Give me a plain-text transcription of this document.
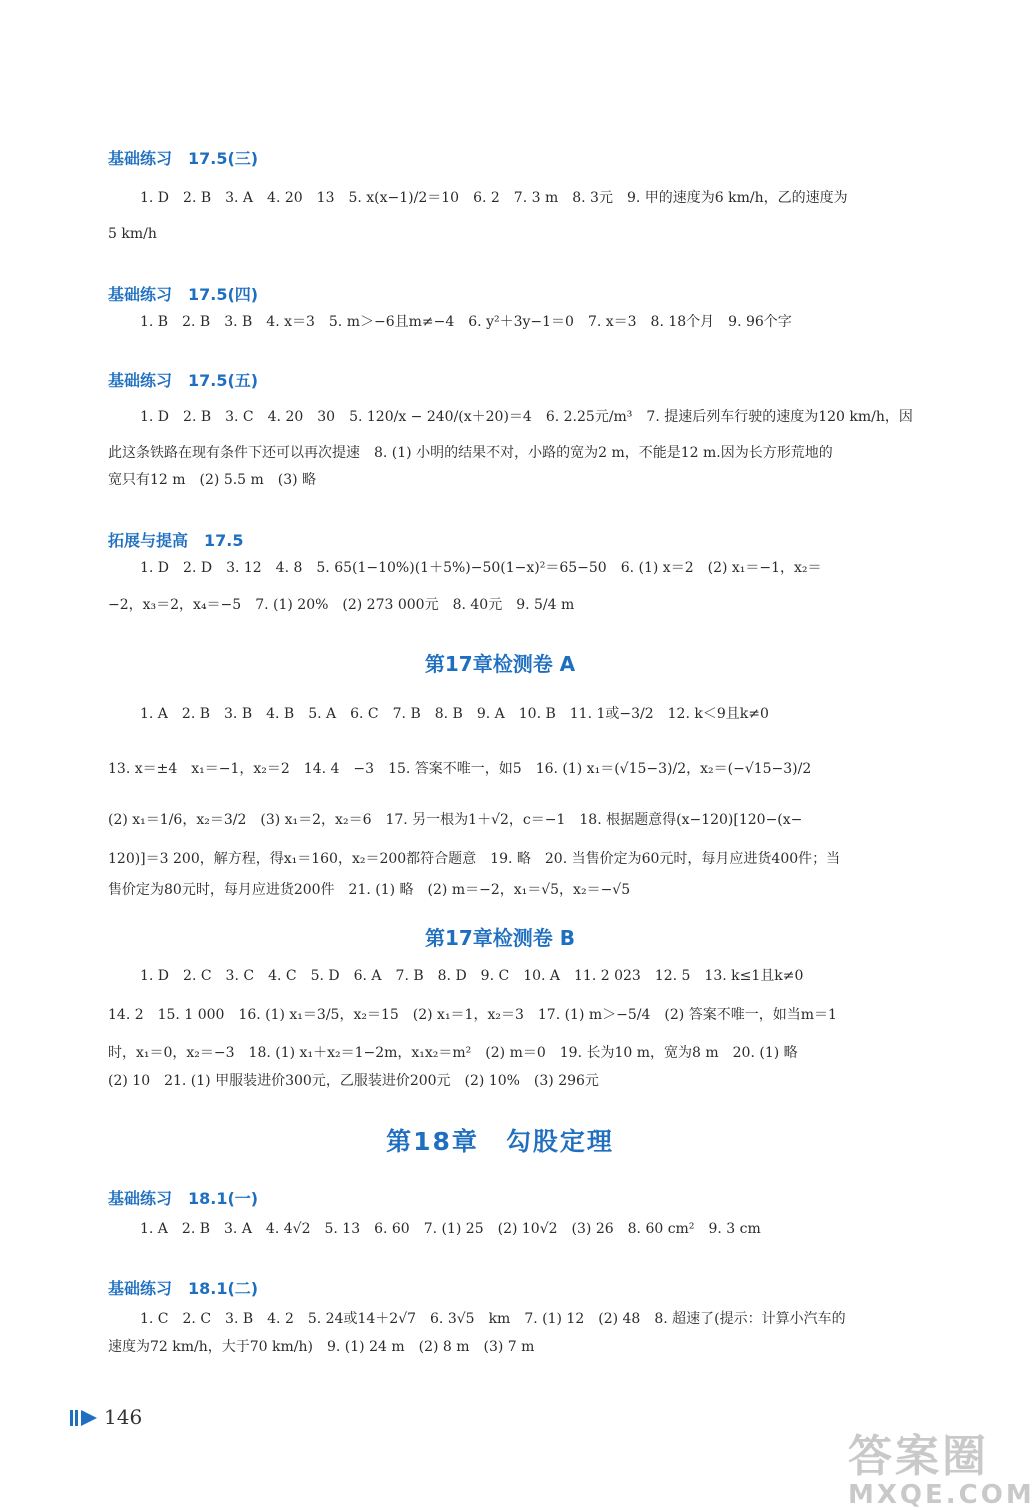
基础练习 17.5(三)
1. D　2. B　3. A　4. 20　13　5. x(x−1)/2＝10　6. 2　7. 3 m　8. 3元　9. 甲的速度为6 km/h，乙的速度为
5 km/h
基础练习 17.5(四)
1. B　2. B　3. B　4. x＝3　5. m＞−6且m≠−4　6. y²＋3y−1＝0　7. x＝3　8. 18个月　9. 96个字
基础练习 17.5(五)
1. D　2. B　3. C　4. 20　30　5. 120/x − 240/(x＋20)＝4　6. 2.25元/m³　7. 提速后列车行驶的速度为120 km/h，因
此这条铁路在现有条件下还可以再次提速　8. (1) 小明的结果不对，小路的宽为2 m，不能是12 m.因为长方形荒地的
宽只有12 m　(2) 5.5 m　(3) 略
拓展与提高 17.5
1. D　2. D　3. 12　4. 8　5. 65(1−10%)(1＋5%)−50(1−x)²＝65−50　6. (1) x＝2　(2) x₁＝−1，x₂＝
−2，x₃＝2，x₄＝−5　7. (1) 20%　(2) 273 000元　8. 40元　9. 5/4 m
第17章检测卷 A
1. A　2. B　3. B　4. B　5. A　6. C　7. B　8. B　9. A　10. B　11. 1或−3/2　12. k＜9且k≠0
13. x＝±4　x₁＝−1，x₂＝2　14. 4　−3　15. 答案不唯一，如5　16. (1) x₁＝(√15−3)/2，x₂＝(−√15−3)/2
(2) x₁＝1/6，x₂＝3/2　(3) x₁＝2，x₂＝6　17. 另一根为1＋√2，c＝−1　18. 根据题意得(x−120)[120−(x−
120)]＝3 200，解方程，得x₁＝160，x₂＝200都符合题意　19. 略　20. 当售价定为60元时，每月应进货400件；当
售价定为80元时，每月应进货200件　21. (1) 略　(2) m＝−2，x₁＝√5，x₂＝−√5
第17章检测卷 B
1. D　2. C　3. C　4. C　5. D　6. A　7. B　8. D　9. C　10. A　11. 2 023　12. 5　13. k≤1且k≠0
14. 2　15. 1 000　16. (1) x₁＝3/5，x₂＝15　(2) x₁＝1，x₂＝3　17. (1) m＞−5/4　(2) 答案不唯一，如当m＝1
时，x₁＝0，x₂＝−3　18. (1) x₁＋x₂＝1−2m，x₁x₂＝m²　(2) m＝0　19. 长为10 m，宽为8 m　20. (1) 略
(2) 10　21. (1) 甲服装进价300元，乙服装进价200元　(2) 10%　(3) 296元
第18章　勾股定理
基础练习 18.1(一)
1. A　2. B　3. A　4. 4√2　5. 13　6. 60　7. (1) 25　(2) 10√2　(3) 26　8. 60 cm²　9. 3 cm
基础练习 18.1(二)
1. C　2. C　3. B　4. 2　5. 24或14＋2√7　6. 3√5　km　7. (1) 12　(2) 48　8. 超速了(提示：计算小汽车的
速度为72 km/h，大于70 km/h)　9. (1) 24 m　(2) 8 m　(3) 7 m
146
答案圈
MXQE.COM
